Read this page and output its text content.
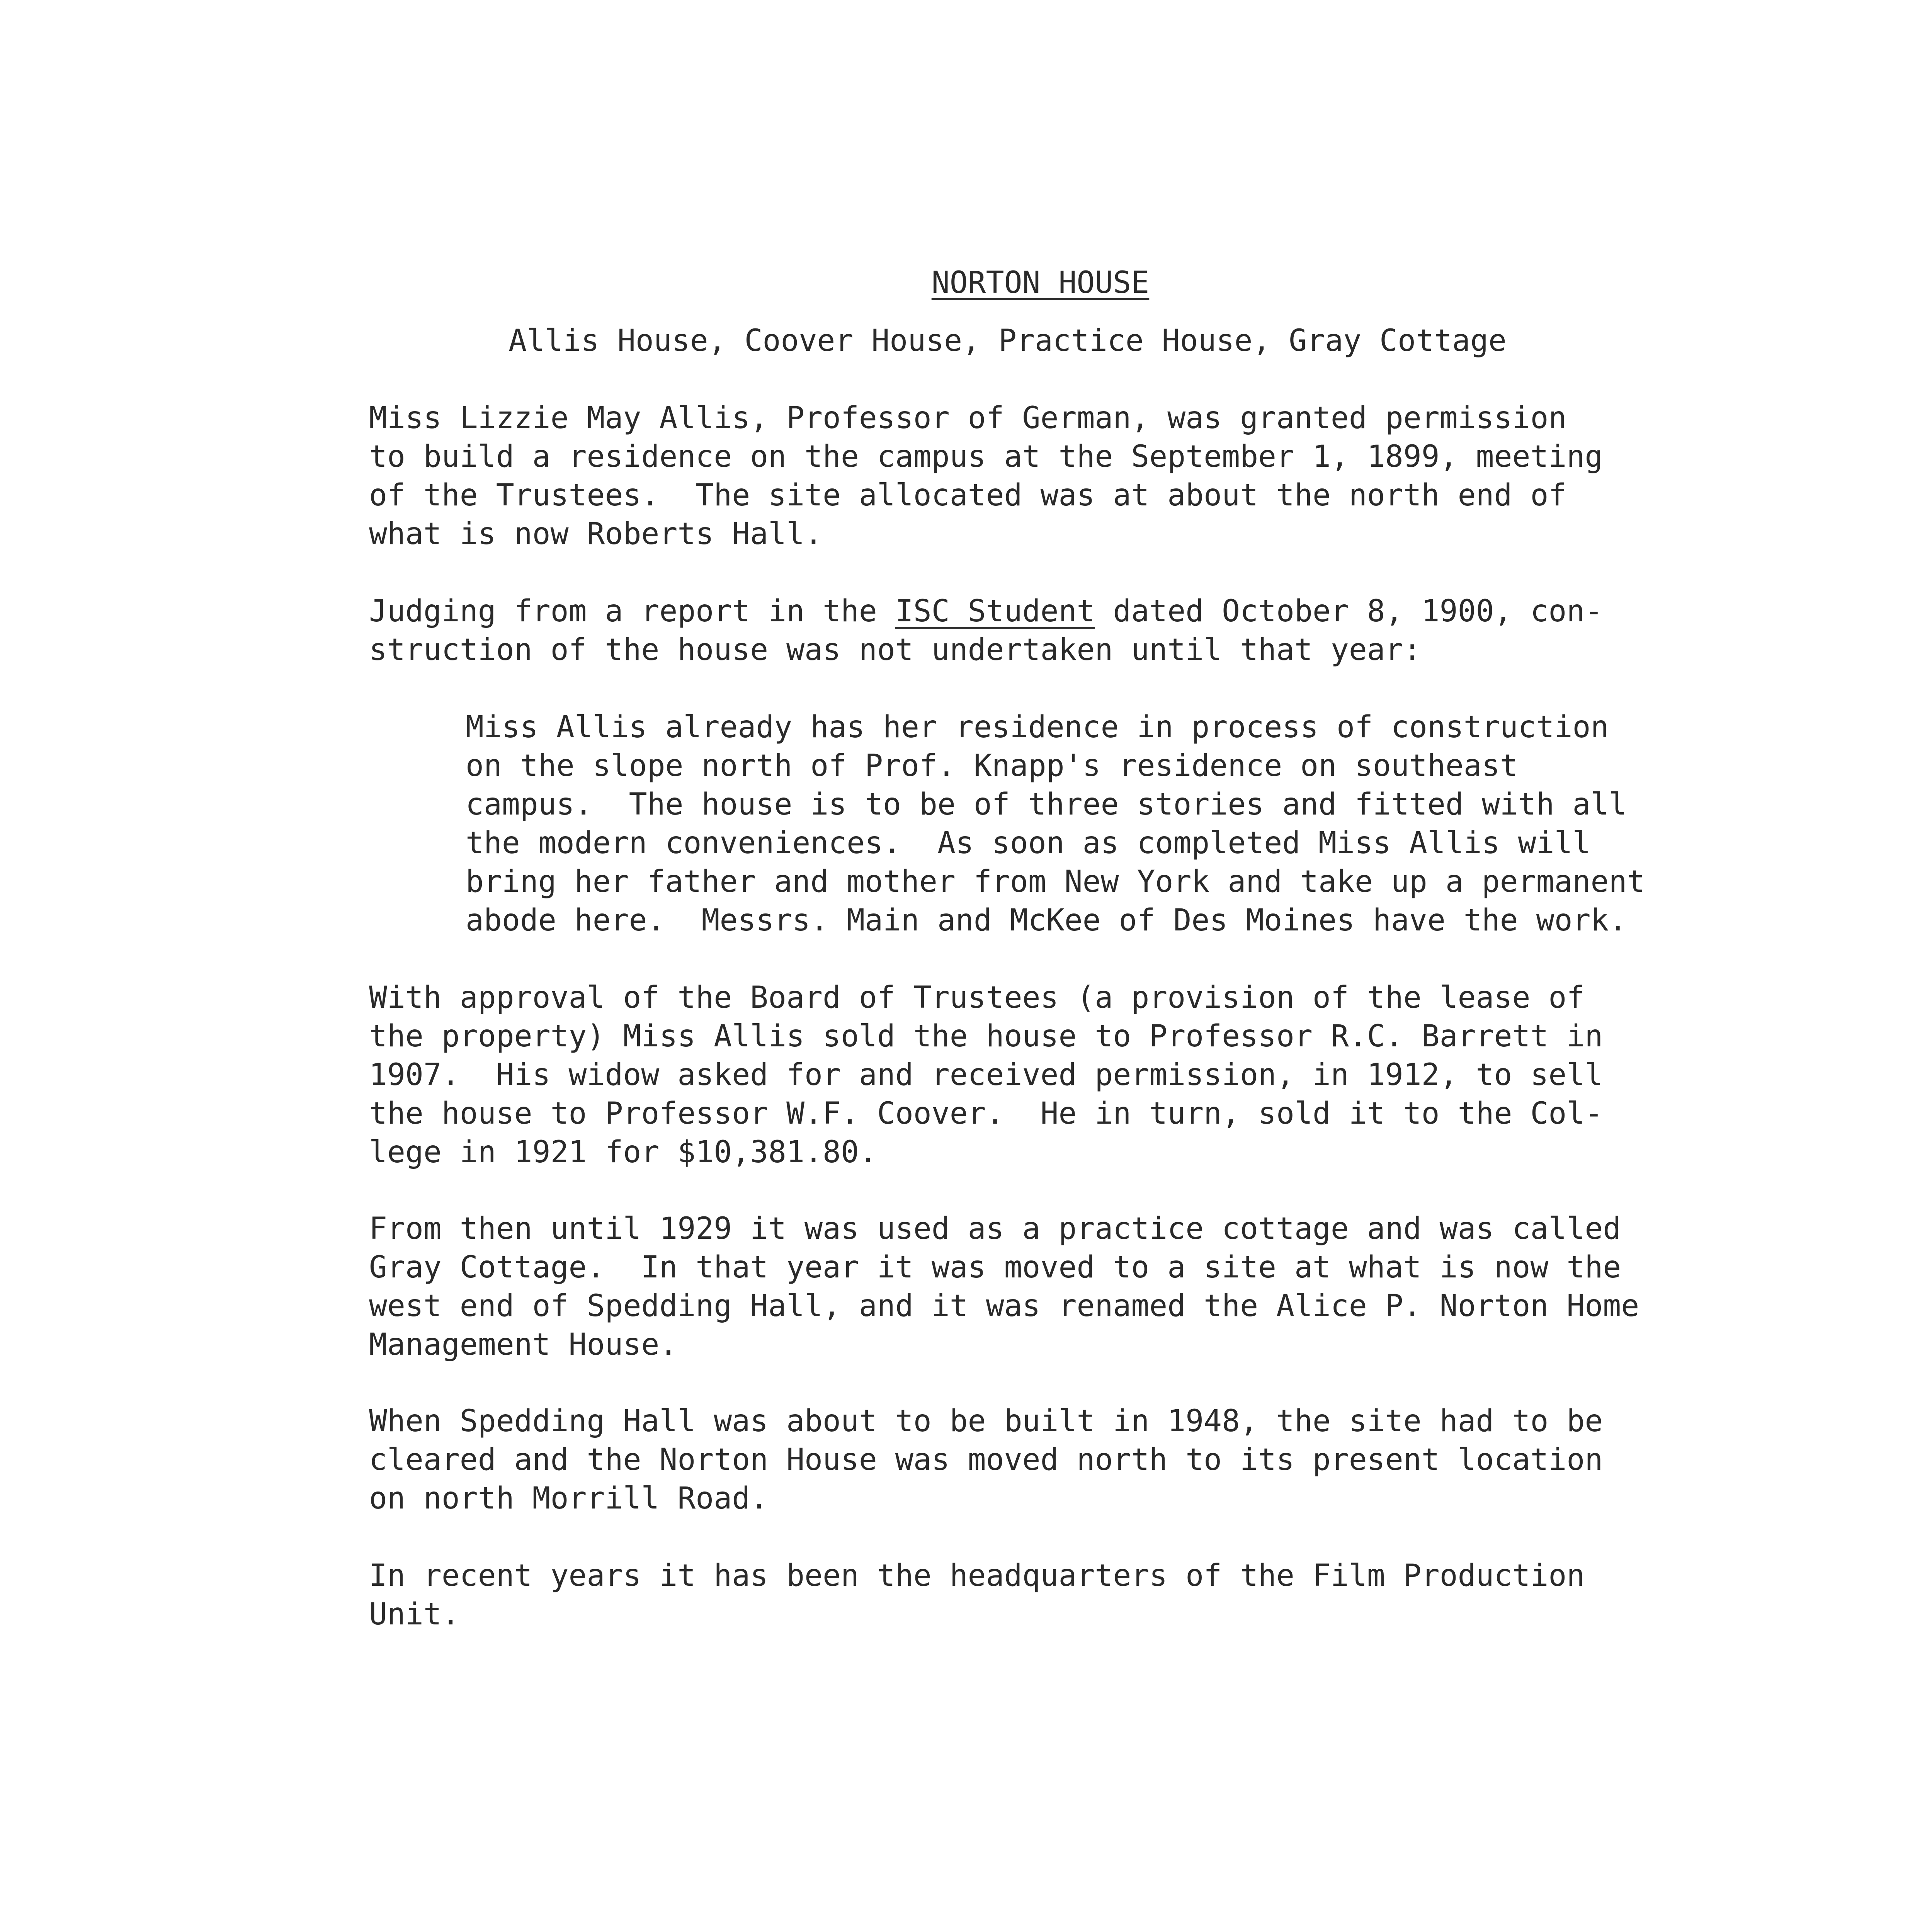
NORTON HOUSE

Allis House, Coover House, Practice House, Gray Cottage

Miss Lizzie May Allis, Professor of German, was granted permission
to build a residence on the campus at the September 1, 1899, meeting
of the Trustees.  The site allocated was at about the north end of
what is now Roberts Hall.
Judging from a report in the ISC Student dated October 8, 1900, con-
struction of the house was not undertaken until that year:
Miss Allis already has her residence in process of construction
on the slope north of Prof. Knapp's residence on southeast
campus.  The house is to be of three stories and fitted with all
the modern conveniences.  As soon as completed Miss Allis will
bring her father and mother from New York and take up a permanent
abode here.  Messrs. Main and McKee of Des Moines have the work.
With approval of the Board of Trustees (a provision of the lease of
the property) Miss Allis sold the house to Professor R.C. Barrett in
1907.  His widow asked for and received permission, in 1912, to sell
the house to Professor W.F. Coover.  He in turn, sold it to the Col-
lege in 1921 for $10,381.80.
From then until 1929 it was used as a practice cottage and was called
Gray Cottage.  In that year it was moved to a site at what is now the
west end of Spedding Hall, and it was renamed the Alice P. Norton Home
Management House.
When Spedding Hall was about to be built in 1948, the site had to be
cleared and the Norton House was moved north to its present location
on north Morrill Road.
In recent years it has been the headquarters of the Film Production
Unit.
